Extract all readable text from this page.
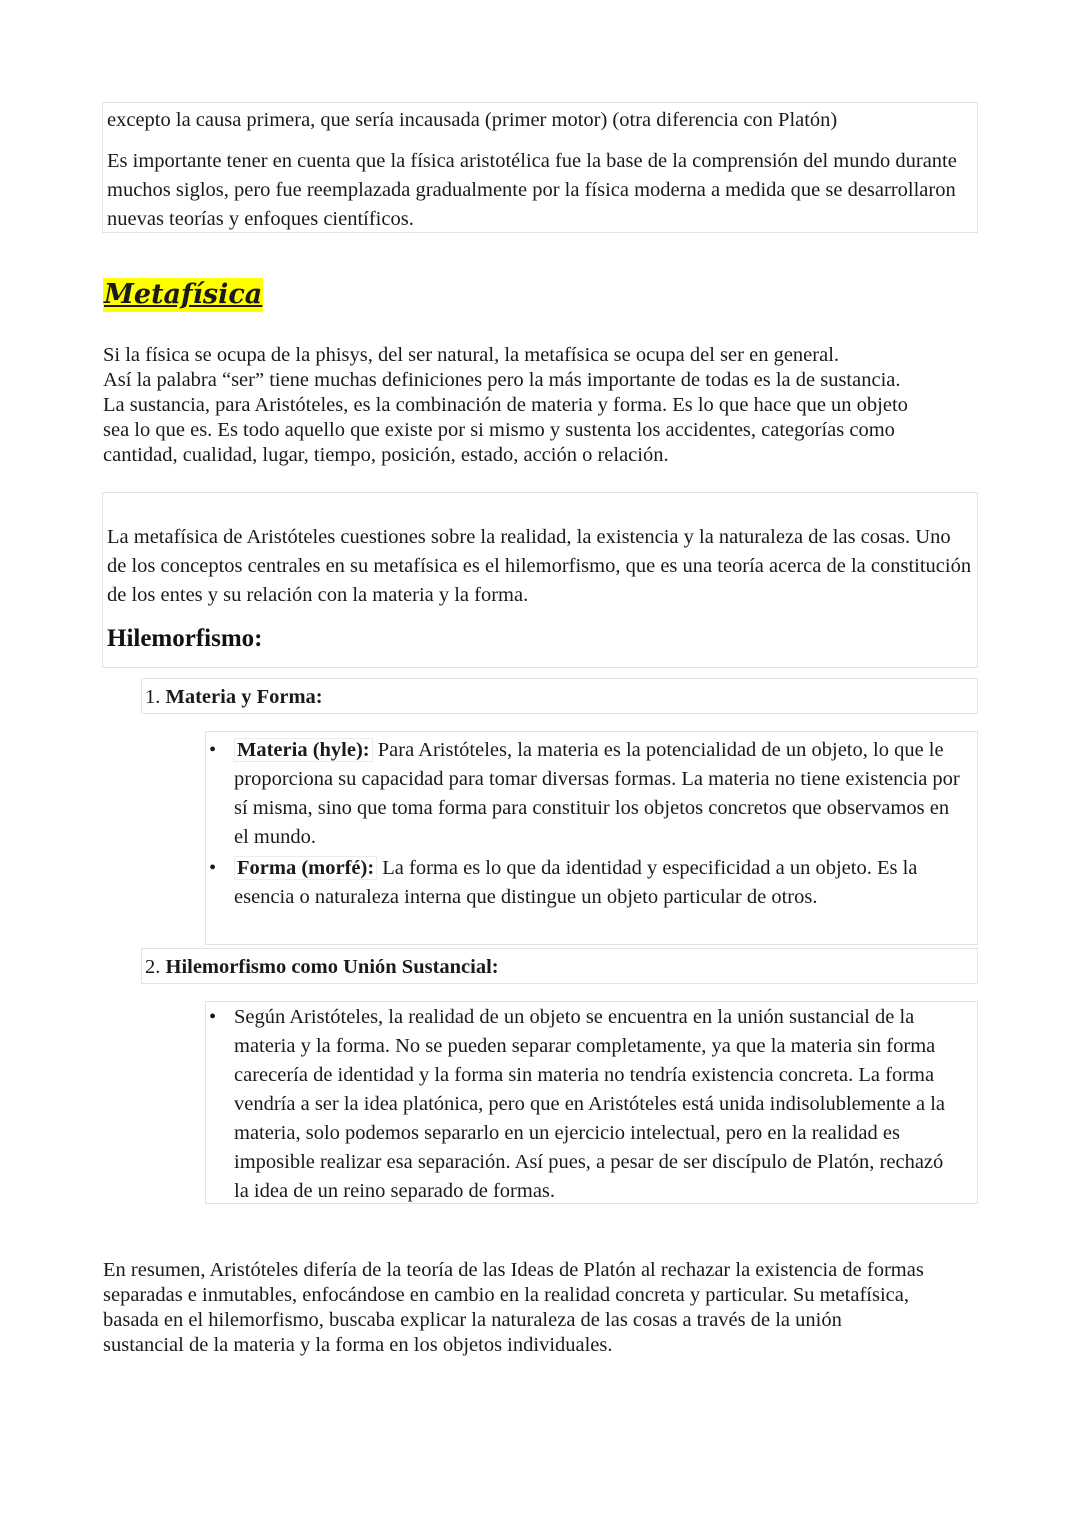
excepto la causa primera, que sería incausada (primer motor) (otra diferencia con Platón)

Es importante tener en cuenta que la física aristotélica fue la base de la comprensión del mundo durante muchos siglos, pero fue reemplazada gradualmente por la física moderna a medida que se desarrollaron nuevas teorías y enfoques científicos.

Metafísica

Si la física se ocupa de la phisys, del ser natural, la metafísica se ocupa del ser en general.

Así la palabra “ser” tiene muchas definiciones pero la más importante de todas es la de sustancia.

La sustancia, para Aristóteles, es la combinación de materia y forma. Es lo que hace que un objeto

sea lo que es. Es todo aquello que existe por si mismo y sustenta los accidentes, categorías como

cantidad, cualidad, lugar, tiempo, posición, estado, acción o relación.

La metafísica de Aristóteles cuestiones sobre la realidad, la existencia y la naturaleza de las cosas. Uno de los conceptos centrales en su metafísica es el hilemorfismo, que es una teoría acerca de la constitución de los entes y su relación con la materia y la forma.

Hilemorfismo:
1. Materia y Forma:

• Materia (hyle): Para Aristóteles, la materia es la potencialidad de un objeto, lo que le proporciona su capacidad para tomar diversas formas. La materia no tiene existencia por sí misma, sino que toma forma para constituir los objetos concretos que observamos en el mundo.

• Forma (morfé): La forma es lo que da identidad y especificidad a un objeto. Es la esencia o naturaleza interna que distingue un objeto particular de otros.

2. Hilemorfismo como Unión Sustancial:

• Según Aristóteles, la realidad de un objeto se encuentra en la unión sustancial de la materia y la forma. No se pueden separar completamente, ya que la materia sin forma carecería de identidad y la forma sin materia no tendría existencia concreta. La forma vendría a ser la idea platónica, pero que en Aristóteles está unida indisolublemente a la materia, solo podemos separarlo en un ejercicio intelectual, pero en la realidad es imposible realizar esa separación. Así pues, a pesar de ser discípulo de Platón, rechazó la idea de un reino separado de formas.

En resumen, Aristóteles difería de la teoría de las Ideas de Platón al rechazar la existencia de formas

separadas e inmutables, enfocándose en cambio en la realidad concreta y particular. Su metafísica,

basada en el hilemorfismo, buscaba explicar la naturaleza de las cosas a través de la unión

sustancial de la materia y la forma en los objetos individuales.
